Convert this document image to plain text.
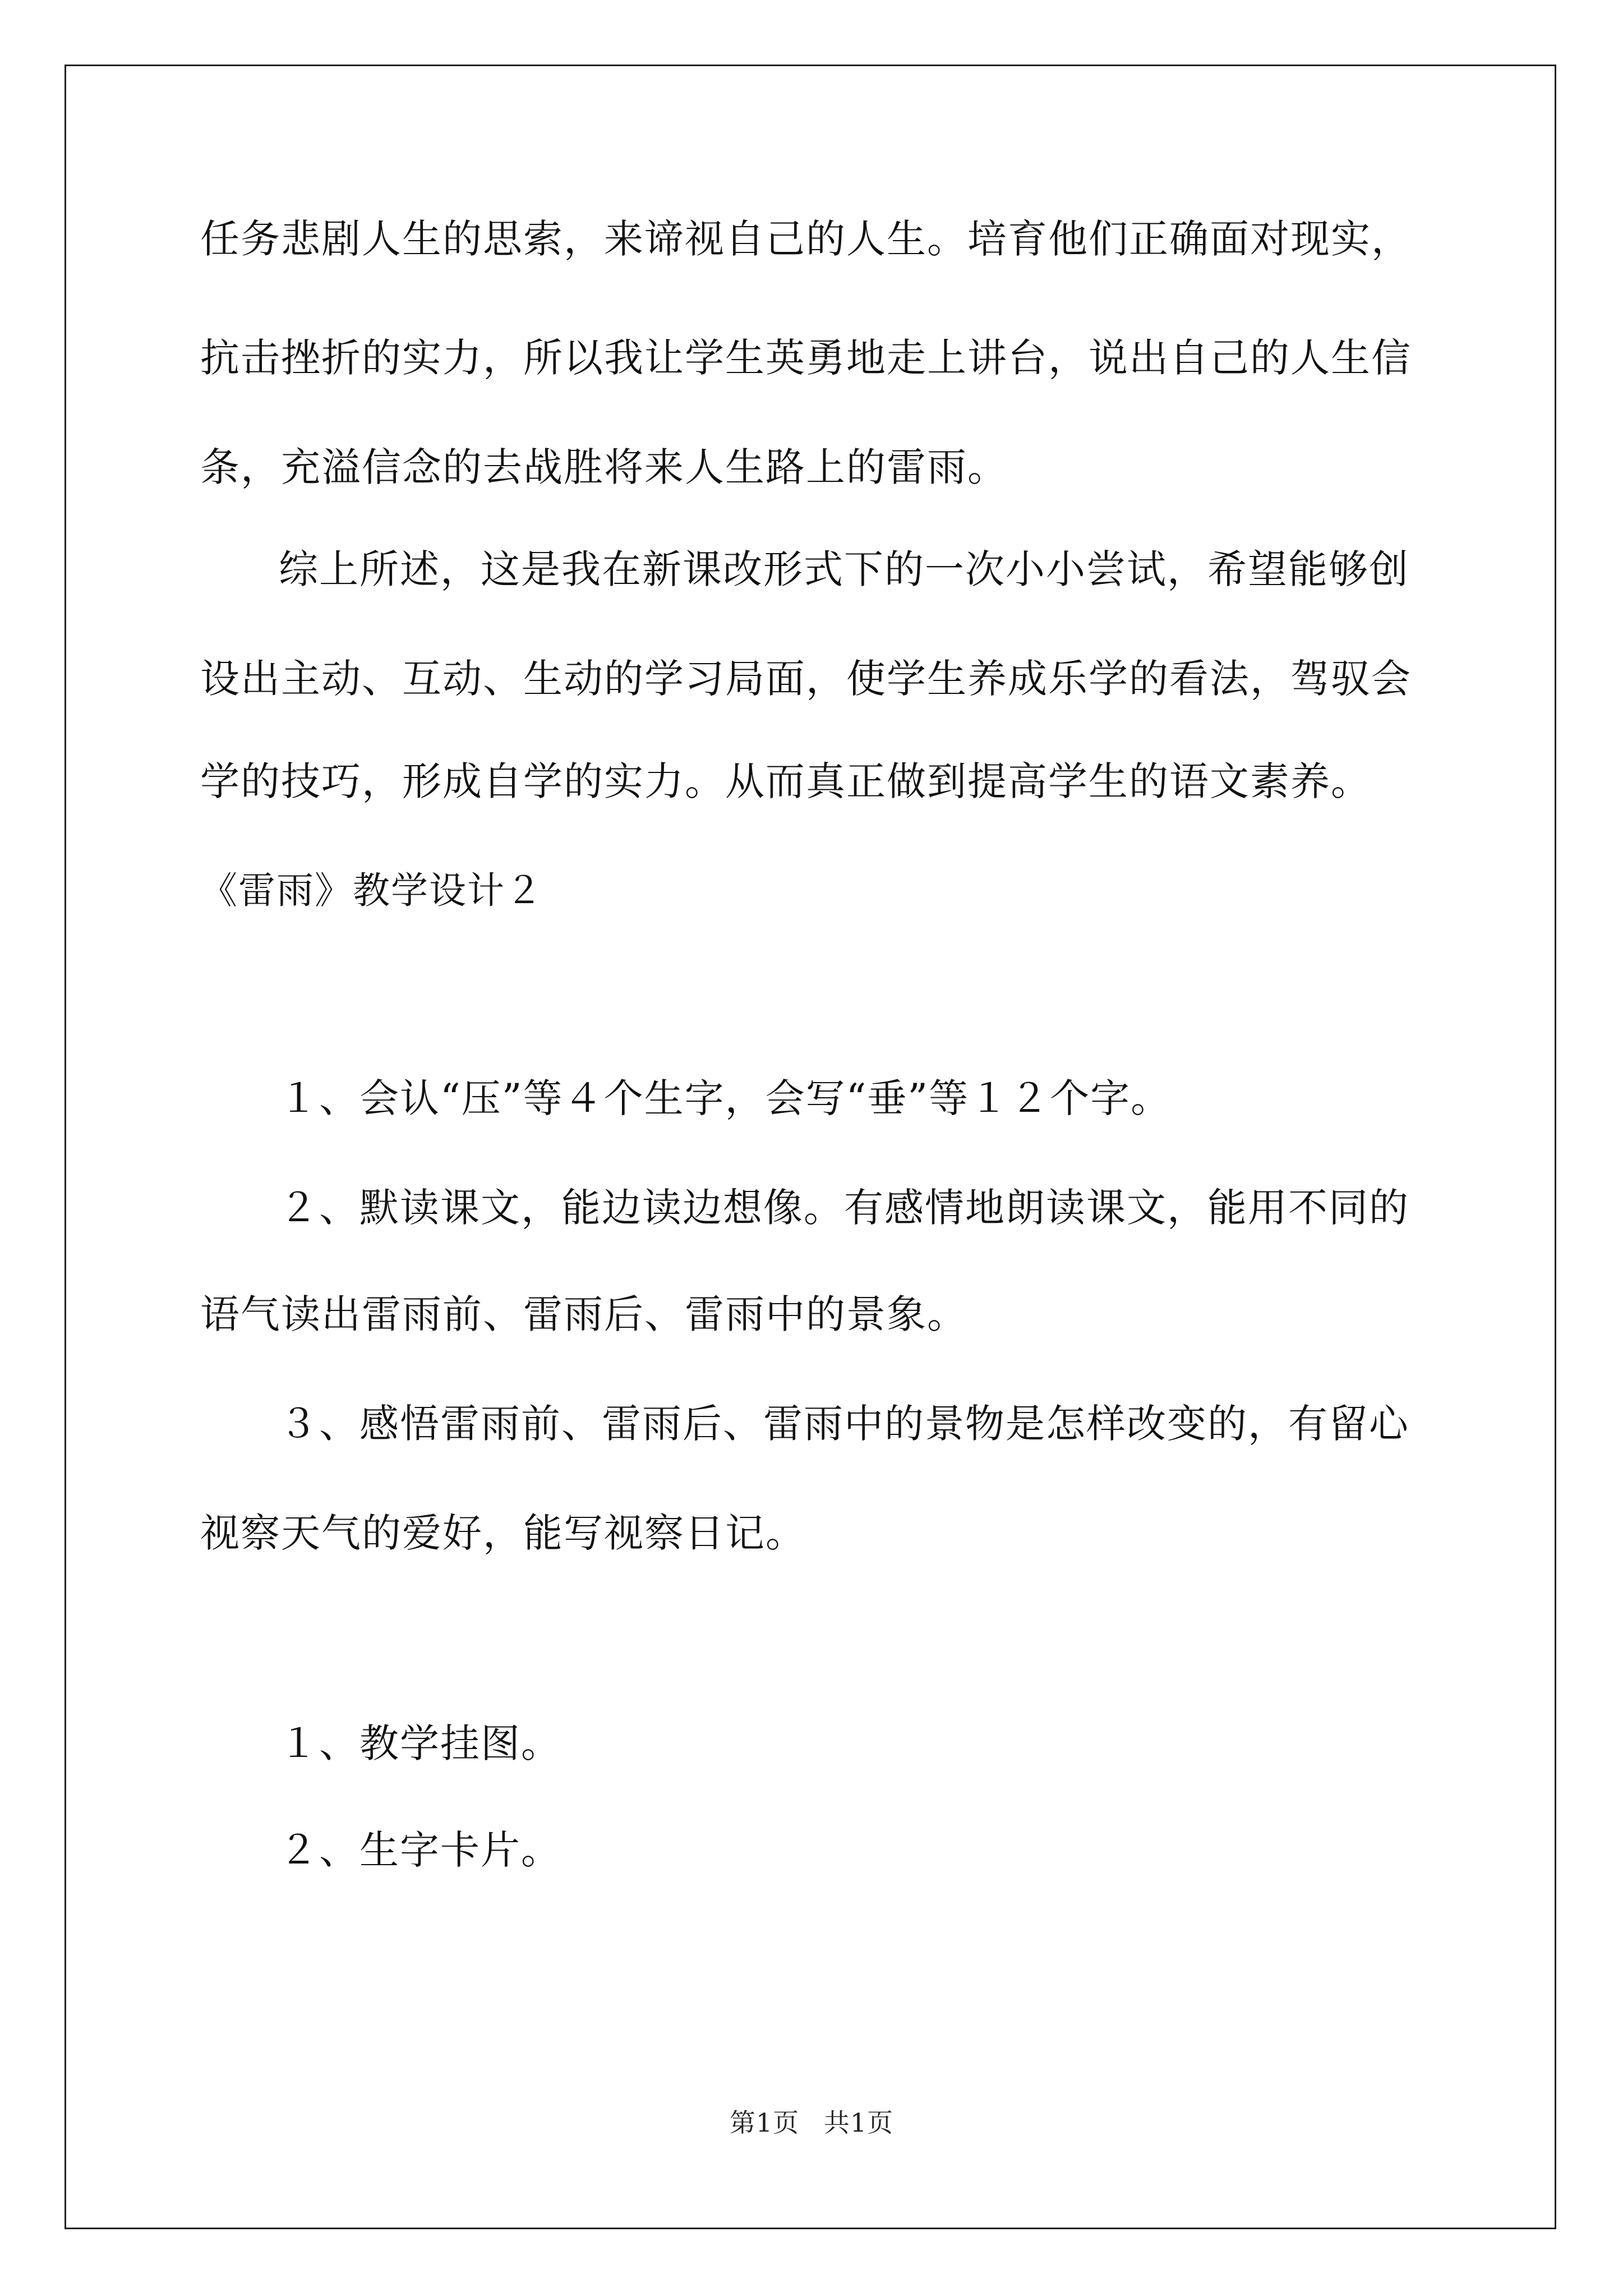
任务悲剧人生的思索，来谛视自己的人生。培育他们正确面对现实，
抗击挫折的实力，所以我让学生英勇地走上讲台，说出自己的人生信
条，充溢信念的去战胜将来人生路上的雷雨。
综上所述，这是我在新课改形式下的一次小小尝试，希望能够创
设出主动、互动、生动的学习局面，使学生养成乐学的看法，驾驭会
学的技巧，形成自学的实力。从而真正做到提高学生的语文素养。
《雷雨》教学设计２
１、会认“压”等４个生字，会写“垂”等１２个字。
２、默读课文，能边读边想像。有感情地朗读课文，能用不同的
语气读出雷雨前、雷雨后、雷雨中的景象。
３、感悟雷雨前、雷雨后、雷雨中的景物是怎样改变的，有留心
视察天气的爱好，能写视察日记。
１、教学挂图。
２、生字卡片。
第1页 共1页
